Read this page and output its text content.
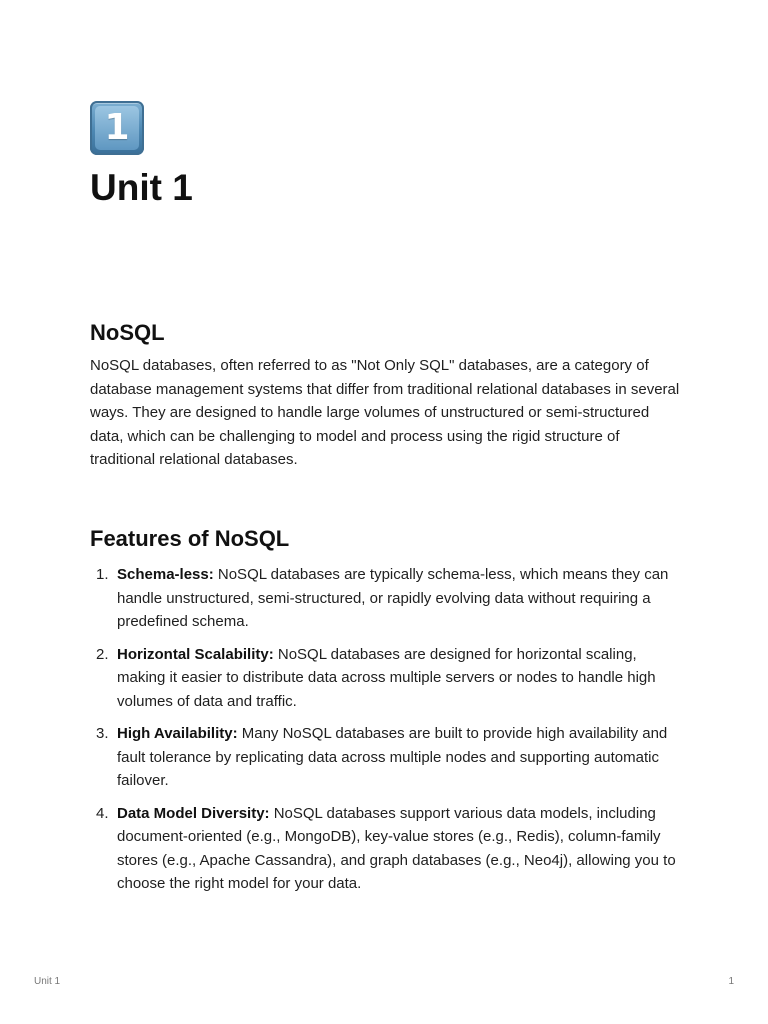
1
Unit 1
NoSQL

NoSQL databases, often referred to as "Not Only SQL" databases, are a category of database management systems that differ from traditional relational databases in several ways. They are designed to handle large volumes of unstructured or semi-structured data, which can be challenging to model and process using the rigid structure of traditional relational databases.

Features of NoSQL
1. Schema-less: NoSQL databases are typically schema-less, which means they can handle unstructured, semi-structured, or rapidly evolving data without requiring a predefined schema.
2. Horizontal Scalability: NoSQL databases are designed for horizontal scaling, making it easier to distribute data across multiple servers or nodes to handle high volumes of data and traffic.
3. High Availability: Many NoSQL databases are built to provide high availability and fault tolerance by replicating data across multiple nodes and supporting automatic failover.
4. Data Model Diversity: NoSQL databases support various data models, including document-oriented (e.g., MongoDB), key-value stores (e.g., Redis), column-family stores (e.g., Apache Cassandra), and graph databases (e.g., Neo4j), allowing you to choose the right model for your data.
Unit 1	1
